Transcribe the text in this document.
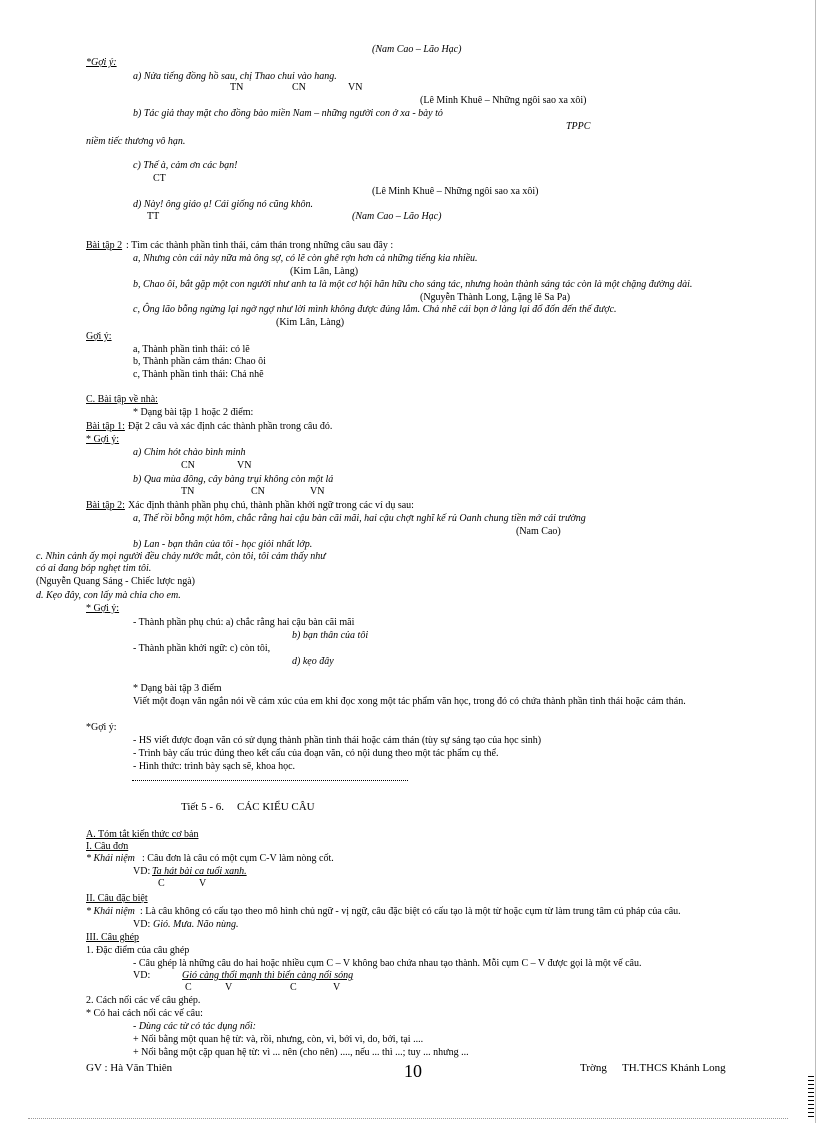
(Nam Cao – Lão Hạc)
*Gợi ý:
a) Nửa tiếng đồng hồ sau, chị Thao chui vào hang.
TN	CN	VN
(Lê Minh Khuê – Những ngôi sao xa xôi)
b) Tác giả thay mặt cho đồng bào miền Nam – những người con ở xa - bày tỏ
TPPC
niềm tiếc thương vô hạn.
c) Thế à, cảm ơn các bạn!
CT
(Lê Minh Khuê – Những ngôi sao xa xôi)
d) Này! ông giáo ạ! Cái giống nó cũng khôn.
TT	(Nam Cao – Lão Hạc)
Bài tập 2 : Tìm các thành phần tình thái, cảm thán trong những câu sau đây :
a, Nhưng còn cái này nữa mà ông sợ, có lẽ còn ghê rợn hơn cả những tiếng kia nhiều.
(Kim Lân, Làng)
b, Chao ôi, bắt gặp một con người như anh ta là một cơ hội hãn hữu cho sáng tác, nhưng hoàn thành sáng tác còn là một chặng đường dài.
(Nguyễn Thành Long, Lặng lẽ Sa Pa)
c, Ông lão bỗng ngừng lại ngờ ngợ như lời mình không được đúng lắm. Chả nhẽ cái bọn ở làng lại đổ đốn đến thế được.
(Kim Lân, Làng)
Gợi ý:
a, Thành phần tình thái: có lẽ
b, Thành phần cảm thán: Chao ôi
c, Thành phần tình thái: Chả nhẽ
C. Bài tập về nhà:
* Dạng bài tập 1 hoặc 2 điểm:
Bài tập 1: Đặt 2 câu và xác định các thành phần trong câu đó.
* Gợi ý:
a) Chim hót chào bình minh
CN	VN
b) Qua mùa đông, cây bàng trụi không còn một lá
TN	CN	VN
Bài tập 2: Xác định thành phần phụ chú, thành phần khởi ngữ trong các ví dụ sau:
a, Thế rồi bỗng một hôm, chắc rằng hai cậu bàn cãi mãi, hai cậu chợt nghĩ kế rủ Oanh chung tiền mở cái trường
(Nam Cao)
b) Lan - bạn thân của tôi - học giỏi nhất lớp.
c. Nhìn cảnh ấy mọi người đều chảy nước mắt, còn tôi, tôi cảm thấy như
có ai đang bóp nghẹt tim tôi.
(Nguyễn Quang Sáng - Chiếc lược ngà)
d. Kẹo đây, con lấy mà chia cho em.
* Gợi ý:
- Thành phần phụ chú: a) chắc rằng hai cậu bàn cãi mãi
b) bạn thân của tôi
- Thành phần khởi ngữ: c) còn tôi,
d) kẹo đây
* Dạng bài tập 3 điểm
Viết một đoạn văn ngắn nói về cảm xúc của em khi đọc xong một tác phẩm văn học, trong đó có chứa thành phần tình thái hoặc cảm thán.
*Gợi ý:
- HS viết được đoạn văn có sử dụng thành phần tình thái hoặc cảm thán (tùy sự sáng tạo của học sinh)
- Trình bày cấu trúc đúng theo kết cấu của đoạn văn, có nội dung theo một tác phẩm cụ thể.
- Hình thức: trình bày sạch sẽ, khoa học.
Tiết 5 - 6. CÁC KIỂU CÂU
A. Tóm tắt kiến thức cơ bản
I. Câu đơn
* Khái niệm : Câu đơn là câu có một cụm C-V làm nòng cốt.
VD: Ta hát bài ca tuổi xanh.
C	V
II. Câu đặc biệt
* Khái niệm : Là câu không có cấu tạo theo mô hình chủ ngữ - vị ngữ, câu đặc biệt có cấu tạo là một từ hoặc cụm từ làm trung tâm cú pháp của câu.
VD: Gió. Mưa. Não nùng.
III. Câu ghép
1. Đặc điểm của câu ghép
- Câu ghép là những câu do hai hoặc nhiều cụm C – V không bao chứa nhau tạo thành. Mỗi cụm C – V được gọi là một vế câu.
VD:	Gió càng thổi mạnh thì biển càng nổi sóng
C	V	C	V
2. Cách nối các vế câu ghép.
* Có hai cách nối các vế câu:
- Dùng các từ có tác dụng nối:
+ Nối bằng một quan hệ từ: và, rồi, nhưng, còn, vì, bởi vì, do, bởi, tại ....
+ Nối bằng một cặp quan hệ từ: vì ... nên (cho nên) ...., nếu ... thì ...; tuy ... nhưng ...
GV : Hà Văn Thiên	10	Trờng TH.THCS Khánh Long
